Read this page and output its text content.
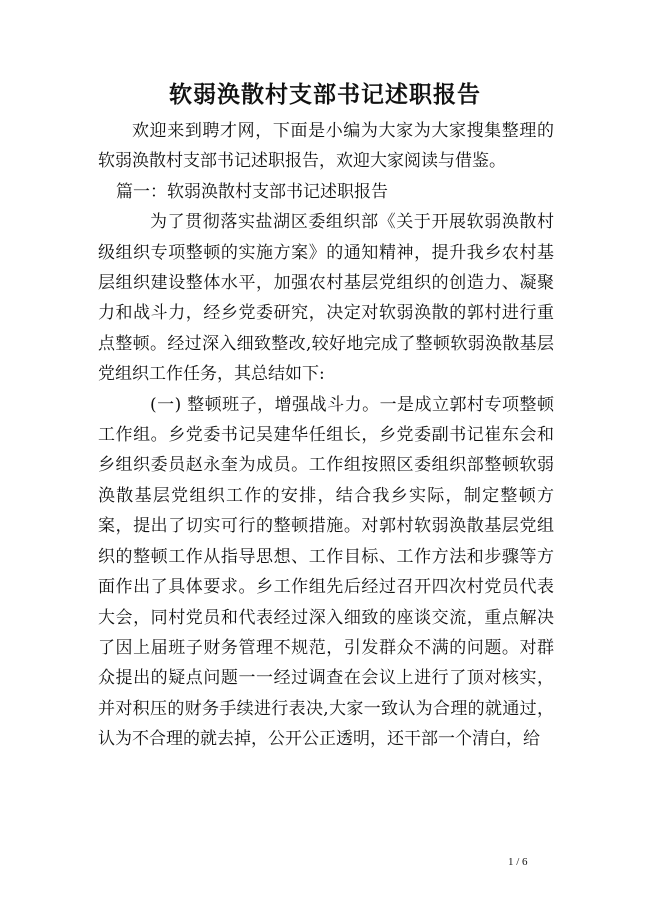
软弱涣散村支部书记述职报告

欢迎来到聘才网，下面是小编为大家为大家搜集整理的软弱涣散村支部书记述职报告，欢迎大家阅读与借鉴。

篇一：软弱涣散村支部书记述职报告

为了贯彻落实盐湖区委组织部《关于开展软弱涣散村级组织专项整顿的实施方案》的通知精神，提升我乡农村基层组织建设整体水平，加强农村基层党组织的创造力、凝聚力和战斗力，经乡党委研究，决定对软弱涣散的郭村进行重点整顿。经过深入细致整改,较好地完成了整顿软弱涣散基层党组织工作任务，其总结如下:

(一) 整顿班子，增强战斗力。一是成立郭村专项整顿工作组。乡党委书记吴建华任组长，乡党委副书记崔东会和乡组织委员赵永奎为成员。工作组按照区委组织部整顿软弱涣散基层党组织工作的安排，结合我乡实际，制定整顿方案，提出了切实可行的整顿措施。对郭村软弱涣散基层党组织的整顿工作从指导思想、工作目标、工作方法和步骤等方面作出了具体要求。乡工作组先后经过召开四次村党员代表大会，同村党员和代表经过深入细致的座谈交流，重点解决了因上届班子财务管理不规范，引发群众不满的问题。对群众提出的疑点问题一一经过调查在会议上进行了顶对核实，并对积压的财务手续进行表决,大家一致认为合理的就通过，认为不合理的就去掉，公开公正透明，还干部一个清白，给

1 / 6
